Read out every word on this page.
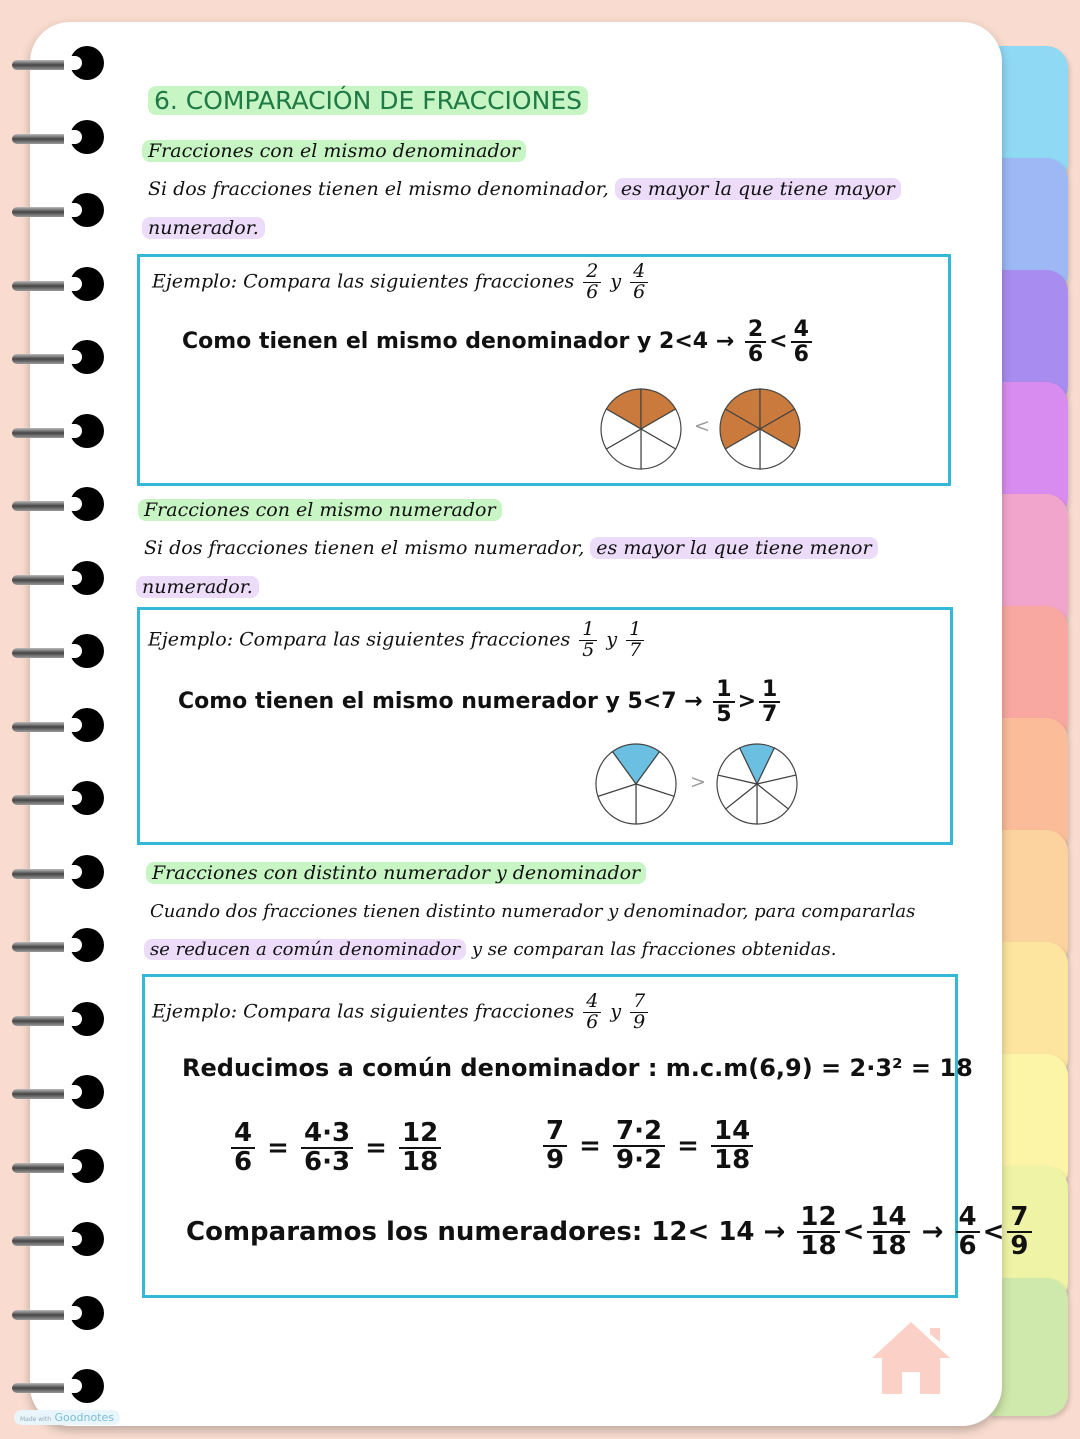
6. COMPARACIÓN DE FRACCIONES
Fracciones con el mismo denominador
Si dos fracciones tienen el mismo denominador, es mayor la que tiene mayor
numerador.
Ejemplo: Compara las siguientes fracciones $\frac{2}{6}$ y $\frac{4}{6}$
Como tienen el mismo denominador y $2<4 \to \frac{2}{6} < \frac{4}{6}$
<
Fracciones con el mismo numerador
Si dos fracciones tienen el mismo numerador, es mayor la que tiene menor
numerador.
Ejemplo: Compara las siguientes fracciones $\frac{1}{5}$ y $\frac{1}{7}$
Como tienen el mismo numerador y $5<7 \to \frac{1}{5} > \frac{1}{7}$
>
Fracciones con distinto numerador y denominador
Cuando dos fracciones tienen distinto numerador y denominador, para compararlas
se reducen a común denominador y se comparan las fracciones obtenidas.
Ejemplo: Compara las siguientes fracciones $\frac{4}{6}$ y $\frac{7}{9}$
Reducimos a común denominador : m.c.m(6,9) = 2·3² = 18
$\frac{4}{6} = \frac{4\cdot 3}{6\cdot 3} = \frac{12}{18}$	$\frac{7}{9} = \frac{7\cdot 2}{9\cdot 2} = \frac{14}{18}$
Comparamos los numeradores: $12< 14 \to \frac{12}{18} < \frac{14}{18} \to \frac{4}{6} < \frac{7}{9}$
Made with Goodnotes
